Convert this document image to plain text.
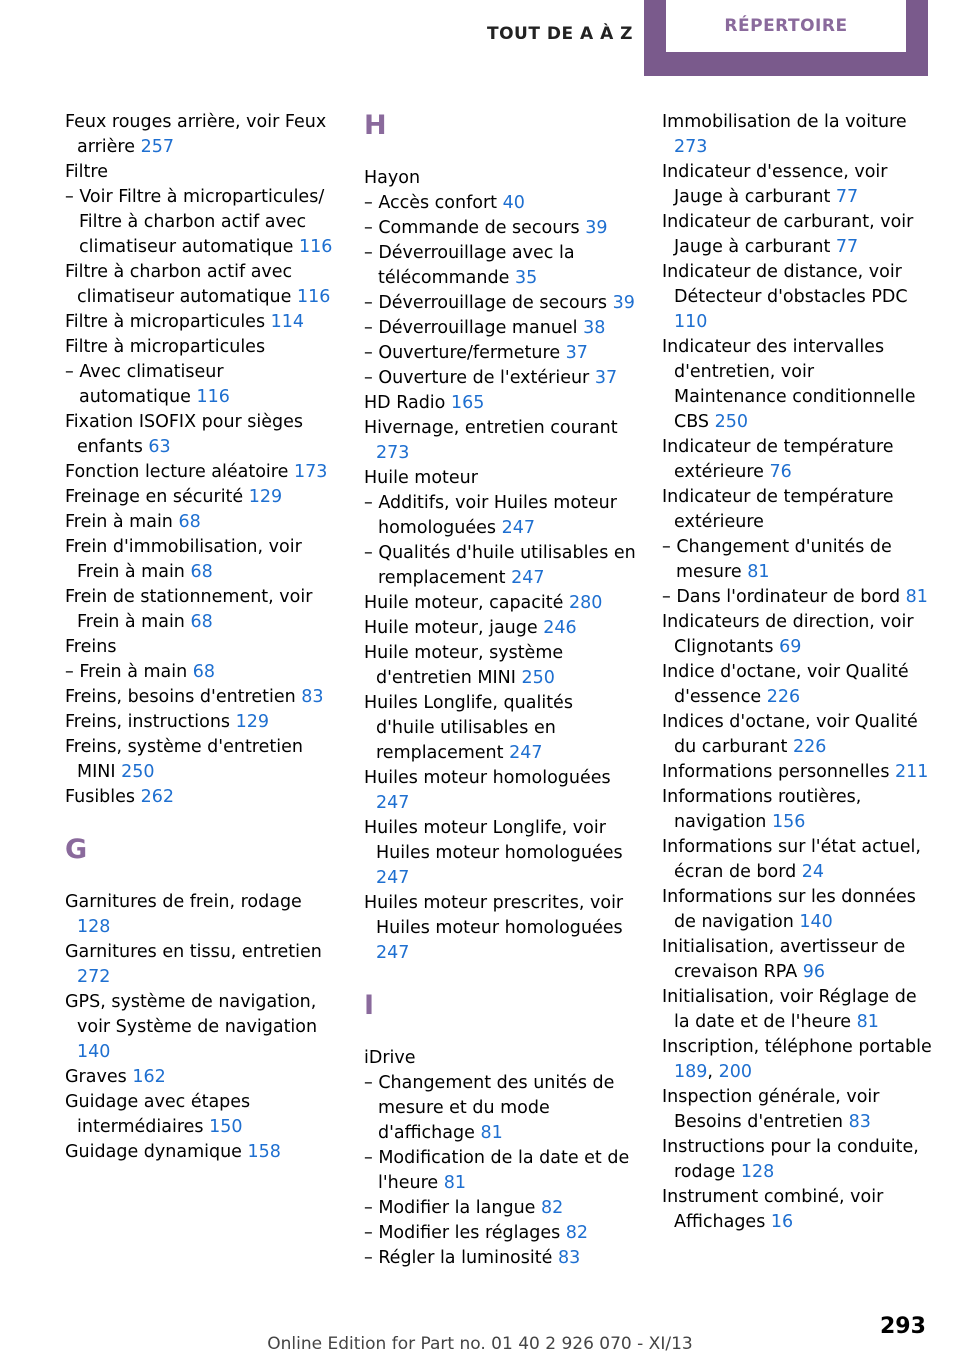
TOUT DE A À Z	RÉPERTOIRE
Feux rouges arrière, voir Feux arrière 257
Filtre
– Voir Filtre à microparticules/ Filtre à charbon actif avec climatiseur automatique 116
Filtre à charbon actif avec climatiseur automatique 116
Filtre à microparticules 114
Filtre à microparticules
– Avec climatiseur automatique 116
Fixation ISOFIX pour sièges enfants 63
Fonction lecture aléatoire 173
Freinage en sécurité 129
Frein à main 68
Frein d'immobilisation, voir Frein à main 68
Frein de stationnement, voir Frein à main 68
Freins
– Frein à main 68
Freins, besoins d'entretien 83
Freins, instructions 129
Freins, système d'entretien MINI 250
Fusibles 262
G
Garnitures de frein, rodage 128
Garnitures en tissu, entretien 272
GPS, système de navigation, voir Système de navigation 140
Graves 162
Guidage avec étapes intermédiaires 150
Guidage dynamique 158
H
Hayon
– Accès confort 40
– Commande de secours 39
– Déverrouillage avec la télécommande 35
– Déverrouillage de secours 39
– Déverrouillage manuel 38
– Ouverture/fermeture 37
– Ouverture de l'extérieur 37
HD Radio 165
Hivernage, entretien courant 273
Huile moteur
– Additifs, voir Huiles moteur homologuées 247
– Qualités d'huile utilisables en remplacement 247
Huile moteur, capacité 280
Huile moteur, jauge 246
Huile moteur, système d'entretien MINI 250
Huiles Longlife, qualités d'huile utilisables en remplacement 247
Huiles moteur homologuées 247
Huiles moteur Longlife, voir Huiles moteur homologuées 247
Huiles moteur prescrites, voir Huiles moteur homologuées 247
I
iDrive
– Changement des unités de mesure et du mode d'affichage 81
– Modification de la date et de l'heure 81
– Modifier la langue 82
– Modifier les réglages 82
– Régler la luminosité 83
Immobilisation de la voiture 273
Indicateur d'essence, voir Jauge à carburant 77
Indicateur de carburant, voir Jauge à carburant 77
Indicateur de distance, voir Détecteur d'obstacles PDC 110
Indicateur des intervalles d'entretien, voir Maintenance conditionnelle CBS 250
Indicateur de température extérieure 76
Indicateur de température extérieure
– Changement d'unités de mesure 81
– Dans l'ordinateur de bord 81
Indicateurs de direction, voir Clignotants 69
Indice d'octane, voir Qualité d'essence 226
Indices d'octane, voir Qualité du carburant 226
Informations personnelles 211
Informations routières, navigation 156
Informations sur l'état actuel, écran de bord 24
Informations sur les données de navigation 140
Initialisation, avertisseur de crevaison RPA 96
Initialisation, voir Réglage de la date et de l'heure 81
Inscription, téléphone portable 189, 200
Inspection générale, voir Besoins d'entretien 83
Instructions pour la conduite, rodage 128
Instrument combiné, voir Affichages 16
293
Online Edition for Part no. 01 40 2 926 070 - XI/13
